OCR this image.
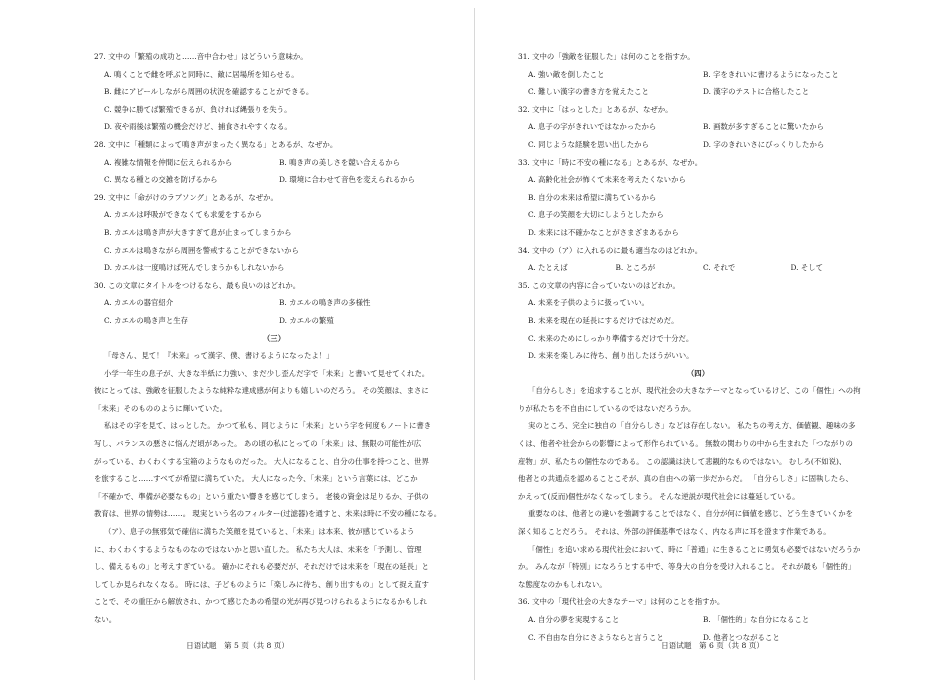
27. 文中の「繁殖の成功と……音中合わせ」はどういう意味か。
A. 鳴くことで雌を呼ぶと同時に、敵に居場所を知らせる。
B. 雌にアピールしながら周囲の状況を確認することができる。
C. 競争に勝てば繁殖できるが、負ければ縄張りを失う。
D. 夜や雨後は繁殖の機会だけど、捕食されやすくなる。
28. 文中に「種類によって鳴き声がまったく異なる」とあるが、なぜか。
A. 複雑な情報を仲間に伝えられるから	B. 鳴き声の美しさを競い合えるから
C. 異なる種との交雑を防げるから	D. 環境に合わせて音色を変えられるから
29. 文中に「命がけのラブソング」とあるが、なぜか。
A. カエルは呼吸ができなくても求愛をするから
B. カエルは鳴き声が大きすぎて息が止まってしまうから
C. カエルは鳴きながら周囲を警戒することができないから
D. カエルは一度鳴けば死んでしまうかもしれないから
30. この文章にタイトルをつけるなら、最も良いのはどれか。
A. カエルの器官紹介	B. カエルの鳴き声の多様性
C. カエルの鳴き声と生存	D. カエルの繁殖
（三）
「母さん、見て！『未来』って漢字、僕、書けるようになったよ！」
小学一年生の息子が、大きな半紙に力強い、まだ少し歪んだ字で「未来」と書いて見せてくれた。
彼にとっては、強敵を征服したような純粋な達成感が何よりも嬉しいのだろう。 その笑顔は、まさに
「未来」そのもののように輝いていた。
私はその字を見て、はっとした。 かつて私も、同じように「未来」という字を何度もノートに書き
写し、バランスの悪さに悩んだ頃があった。 あの頃の私にとっての「未来」は、無限の可能性が広
がっている、わくわくする宝箱のようなものだった。 大人になること、自分の仕事を持つこと、世界
を旅すること……すべてが希望に満ちていた。 大人になった今、「未来」という言葉には、どこか
「不確かで、準備が必要なもの」という重たい響きを感じてしまう。 老後の資金は足りるか、子供の
教育は、世界の情勢は……。 現実という名のフィルター(过滤器)を通すと、未来は時に不安の種になる。
（ア）、息子の無邪気で確信に満ちた笑顔を見ていると、「未来」は本来、彼が感じているよう
に、わくわくするようなものなのではないかと思い直した。 私たち大人は、未来を「予測し、管理
し、備えるもの」と考えすぎている。 確かにそれも必要だが、それだけでは未来を「現在の延長」と
してしか見られなくなる。 時には、子どものように「楽しみに待ち、創り出すもの」として捉え直す
ことで、その重圧から解放され、かつて感じたあの希望の光が再び見つけられるようになるかもしれ
ない。
日语试题　第 5 页（共 8 页）
31. 文中の「強敵を征服した」は何のことを指すか。
A. 強い敵を倒したこと	B. 字をきれいに書けるようになったこと
C. 難しい漢字の書き方を覚えたこと	D. 漢字のテストに合格したこと
32. 文中に「はっとした」とあるが、なぜか。
A. 息子の字がきれいではなかったから	B. 画数が多すぎることに驚いたから
C. 同じような経験を思い出したから	D. 字のきれいさにびっくりしたから
33. 文中に「時に不安の種になる」とあるが、なぜか。
A. 高齢化社会が怖くて未来を考えたくないから
B. 自分の未来は希望に満ちているから
C. 息子の笑顔を大切にしようとしたから
D. 未来には不確かなことがさまざまあるから
34. 文中の（ア）に入れるのに最も適当なのはどれか。
A. たとえば	B. ところが	C. それで	D. そして
35. この文章の内容に合っていないのはどれか。
A. 未来を子供のように扱っていい。
B. 未来を現在の延長にするだけではだめだ。
C. 未来のためにしっかり準備するだけで十分だ。
D. 未来を楽しみに待ち、創り出したほうがいい。
（四）
「自分らしさ」を追求することが、現代社会の大きなテーマとなっているけど、この「個性」への拘
りが私たちを不自由にしているのではないだろうか。
実のところ、完全に独自の「自分らしさ」などは存在しない。 私たちの考え方、価値観、趣味の多
くは、他者や社会からの影響によって形作られている。 無数の関わりの中から生まれた「つながりの
産物」が、私たちの個性なのである。 この認識は決して悲観的なものではない。 むしろ(不如说)、
他者との共通点を認めることこそが、真の自由への第一歩だからだ。 「自分らしさ」に固執したら、
かえって(反而)個性がなくなってしまう。 そんな逆説が現代社会には蔓延している。
重要なのは、他者との違いを強調することではなく、自分が何に価値を感じ、どう生きていくかを
深く知ることだろう。 それは、外部の評価基準ではなく、内なる声に耳を澄ます作業である。
「個性」を追い求める現代社会において、時に「普通」に生きることに勇気も必要ではないだろうか
か。 みんなが「特別」になろうとする中で、等身大の自分を受け入れること。 それが最も「個性的」
な態度なのかもしれない。
36. 文中の「現代社会の大きなテーマ」は何のことを指すか。
A. 自分の夢を実現すること	B. 「個性的」な自分になること
C. 不自由な自分にさようならと言うこと	D. 他者とつながること
日语试题　第 6 页（共 8 页）
